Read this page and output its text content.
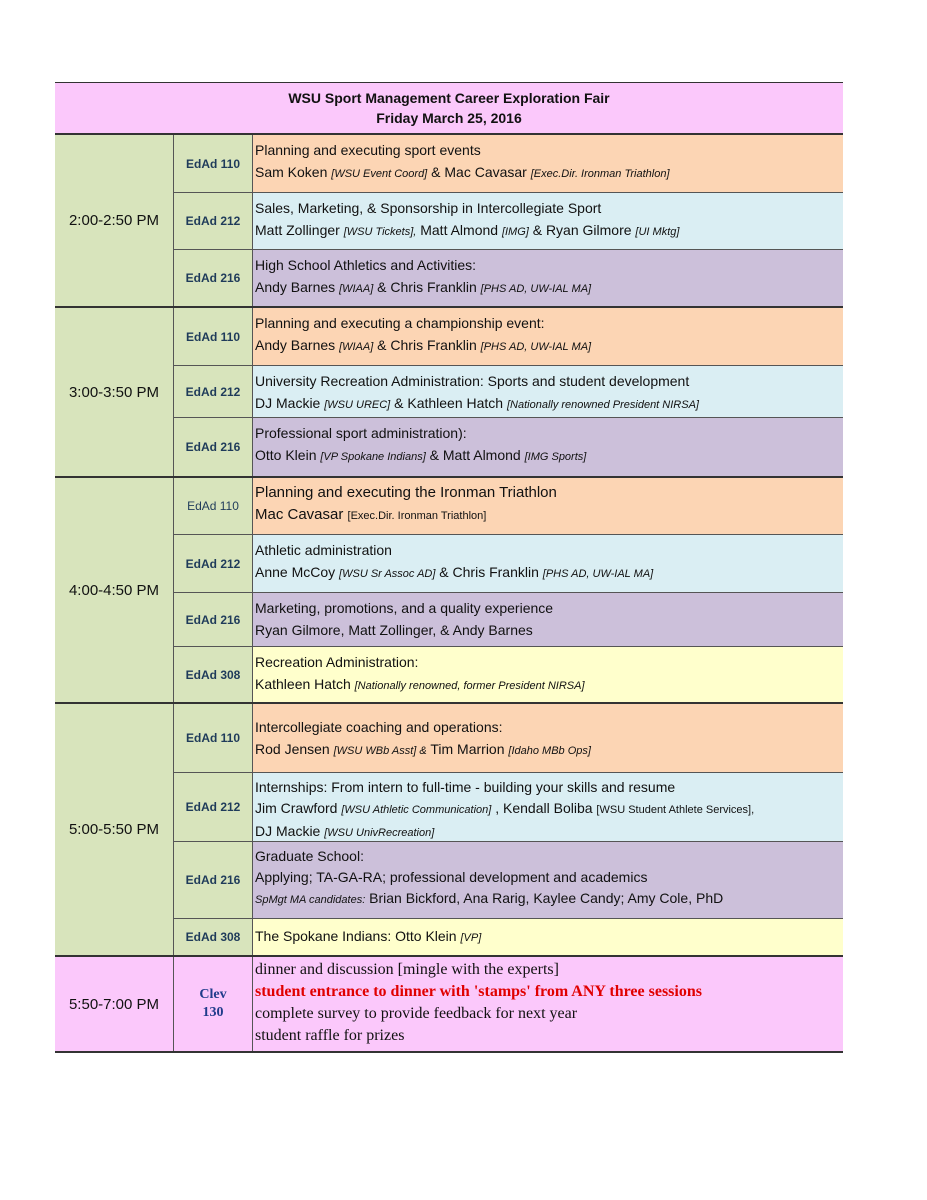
WSU Sport Management Career Exploration Fair
Friday March 25, 2016
2:00-2:50 PM
EdAd 110
Planning and executing sport events
Sam Koken [WSU Event Coord] & Mac Cavasar [Exec.Dir. Ironman Triathlon]
EdAd 212
Sales, Marketing, & Sponsorship in Intercollegiate Sport
Matt Zollinger [WSU Tickets], Matt Almond [IMG] & Ryan Gilmore [UI Mktg]
EdAd 216
High School Athletics and Activities:
Andy Barnes [WIAA] & Chris Franklin [PHS AD, UW-IAL MA]
3:00-3:50 PM
EdAd 110
Planning and executing a championship event:
Andy Barnes [WIAA] & Chris Franklin [PHS AD, UW-IAL MA]
EdAd 212
University Recreation Administration: Sports and student development
DJ Mackie [WSU UREC] & Kathleen Hatch [Nationally renowned President NIRSA]
EdAd 216
Professional sport administration):
Otto Klein [VP Spokane Indians] & Matt Almond [IMG Sports]
4:00-4:50 PM
EdAd 110
Planning and executing the Ironman Triathlon
Mac Cavasar [Exec.Dir. Ironman Triathlon]
EdAd 212
Athletic administration
Anne McCoy [WSU Sr Assoc AD] & Chris Franklin [PHS AD, UW-IAL MA]
EdAd 216
Marketing, promotions, and a quality experience
Ryan Gilmore, Matt Zollinger, & Andy Barnes
EdAd 308
Recreation Administration:
Kathleen Hatch [Nationally renowned, former President NIRSA]
5:00-5:50 PM
EdAd 110
Intercollegiate coaching and operations:
Rod Jensen [WSU WBb Asst] & Tim Marrion [Idaho MBb Ops]
EdAd 212
Internships: From intern to full-time - building your skills and resume
Jim Crawford [WSU Athletic Communication] , Kendall Boliba [WSU Student Athlete Services],
DJ Mackie [WSU UnivRecreation]
EdAd 216
Graduate School:
Applying; TA-GA-RA; professional development and academics
SpMgt MA candidates: Brian Bickford, Ana Rarig, Kaylee Candy; Amy Cole, PhD
EdAd 308	The Spokane Indians: Otto Klein [VP]
5:50-7:00 PM
Clev
130
dinner and discussion [mingle with the experts]
student entrance to dinner with 'stamps' from ANY three sessions
complete survey to provide feedback for next year
student raffle for prizes
